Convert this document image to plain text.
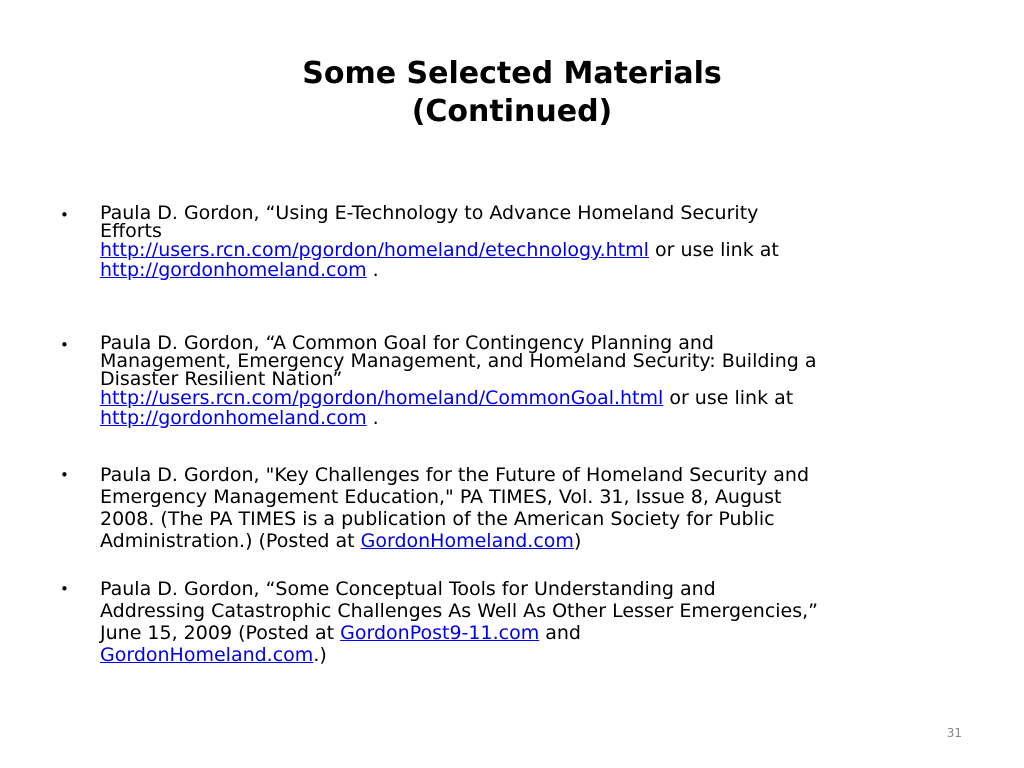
Some Selected Materials
(Continued)
• Paula D. Gordon, “Using E-Technology to Advance Homeland Security
Efforts
http://users.rcn.com/pgordon/homeland/etechnology.html or use link at
http://gordonhomeland.com .
• Paula D. Gordon, “A Common Goal for Contingency Planning and
Management, Emergency Management, and Homeland Security: Building a
Disaster Resilient Nation”
http://users.rcn.com/pgordon/homeland/CommonGoal.html or use link at
http://gordonhomeland.com .
• Paula D. Gordon, "Key Challenges for the Future of Homeland Security and
Emergency Management Education," PA TIMES, Vol. 31, Issue 8, August
2008. (The PA TIMES is a publication of the American Society for Public
Administration.) (Posted at GordonHomeland.com)
• Paula D. Gordon, “Some Conceptual Tools for Understanding and
Addressing Catastrophic Challenges As Well As Other Lesser Emergencies,”
June 15, 2009 (Posted at GordonPost9-11.com and
GordonHomeland.com.)
31
